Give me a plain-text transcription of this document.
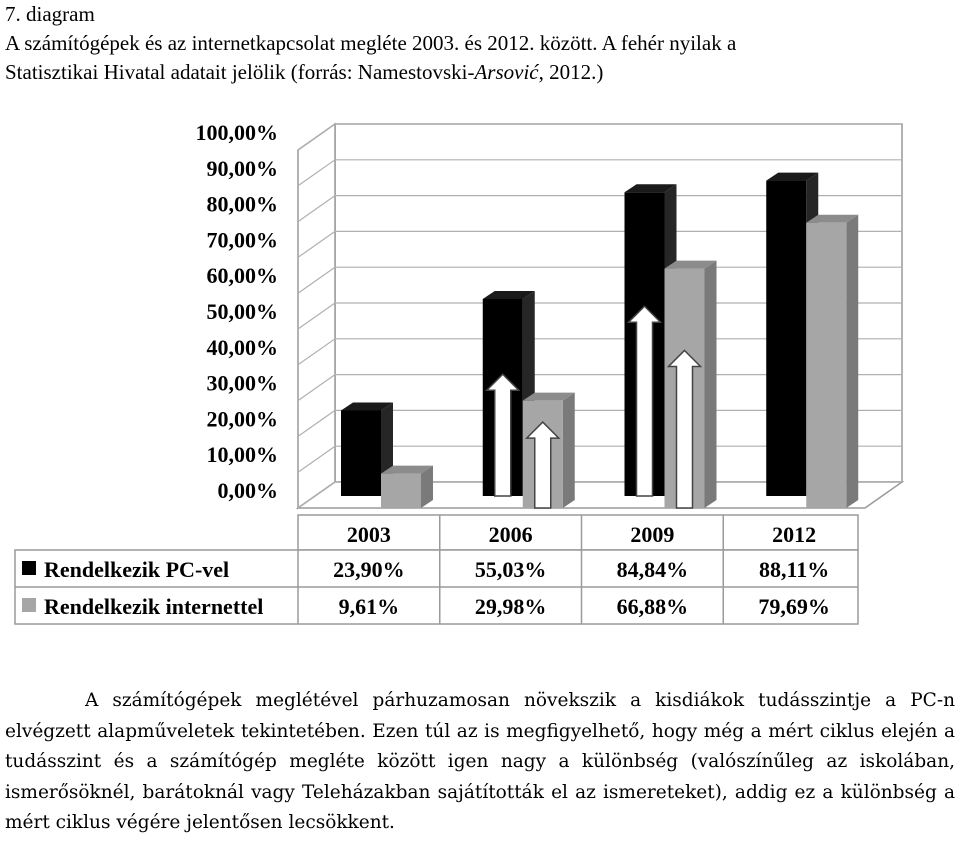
7. diagram
A számítógépek és az internetkapcsolat megléte 2003. és 2012. között. A fehér nyilak a
Statisztikai Hivatal adatait jelölik (forrás: Namestovski-Arsović, 2012.)
0,00%
10,00%
20,00%
30,00%
40,00%
50,00%
60,00%
70,00%
80,00%
90,00%
100,00%
2003	2006	2009	2012
Rendelkezik PC-vel	23,90%	55,03%	84,84%	88,11%
Rendelkezik internettel	9,61%	29,98%	66,88%	79,69%
A számítógépek meglétével párhuzamosan növekszik a kisdiákok tudásszintje a PC-n elvégzett alapműveletek tekintetében. Ezen túl az is megfigyelhető, hogy még a mért ciklus elején a tudásszint és a számítógép megléte között igen nagy a különbség (valószínűleg az iskolában, ismerősöknél, barátoknál vagy Teleházakban sajátították el az ismereteket), addig ez a különbség a mért ciklus végére jelentősen lecsökkent.
